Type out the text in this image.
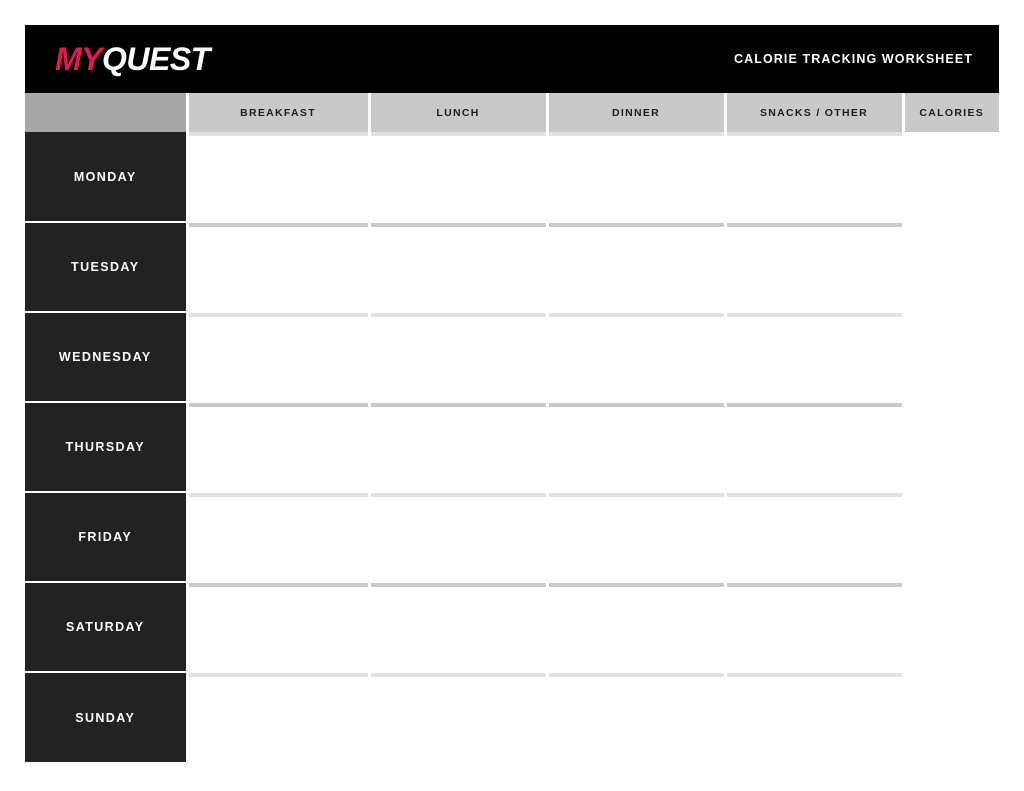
MYQUEST	CALORIE TRACKING WORKSHEET
	BREAKFAST	LUNCH	DINNER	SNACKS / OTHER	CALORIES
MONDAY	

TUESDAY	

WEDNESDAY	

THURSDAY	

FRIDAY	

SATURDAY	

SUNDAY	
